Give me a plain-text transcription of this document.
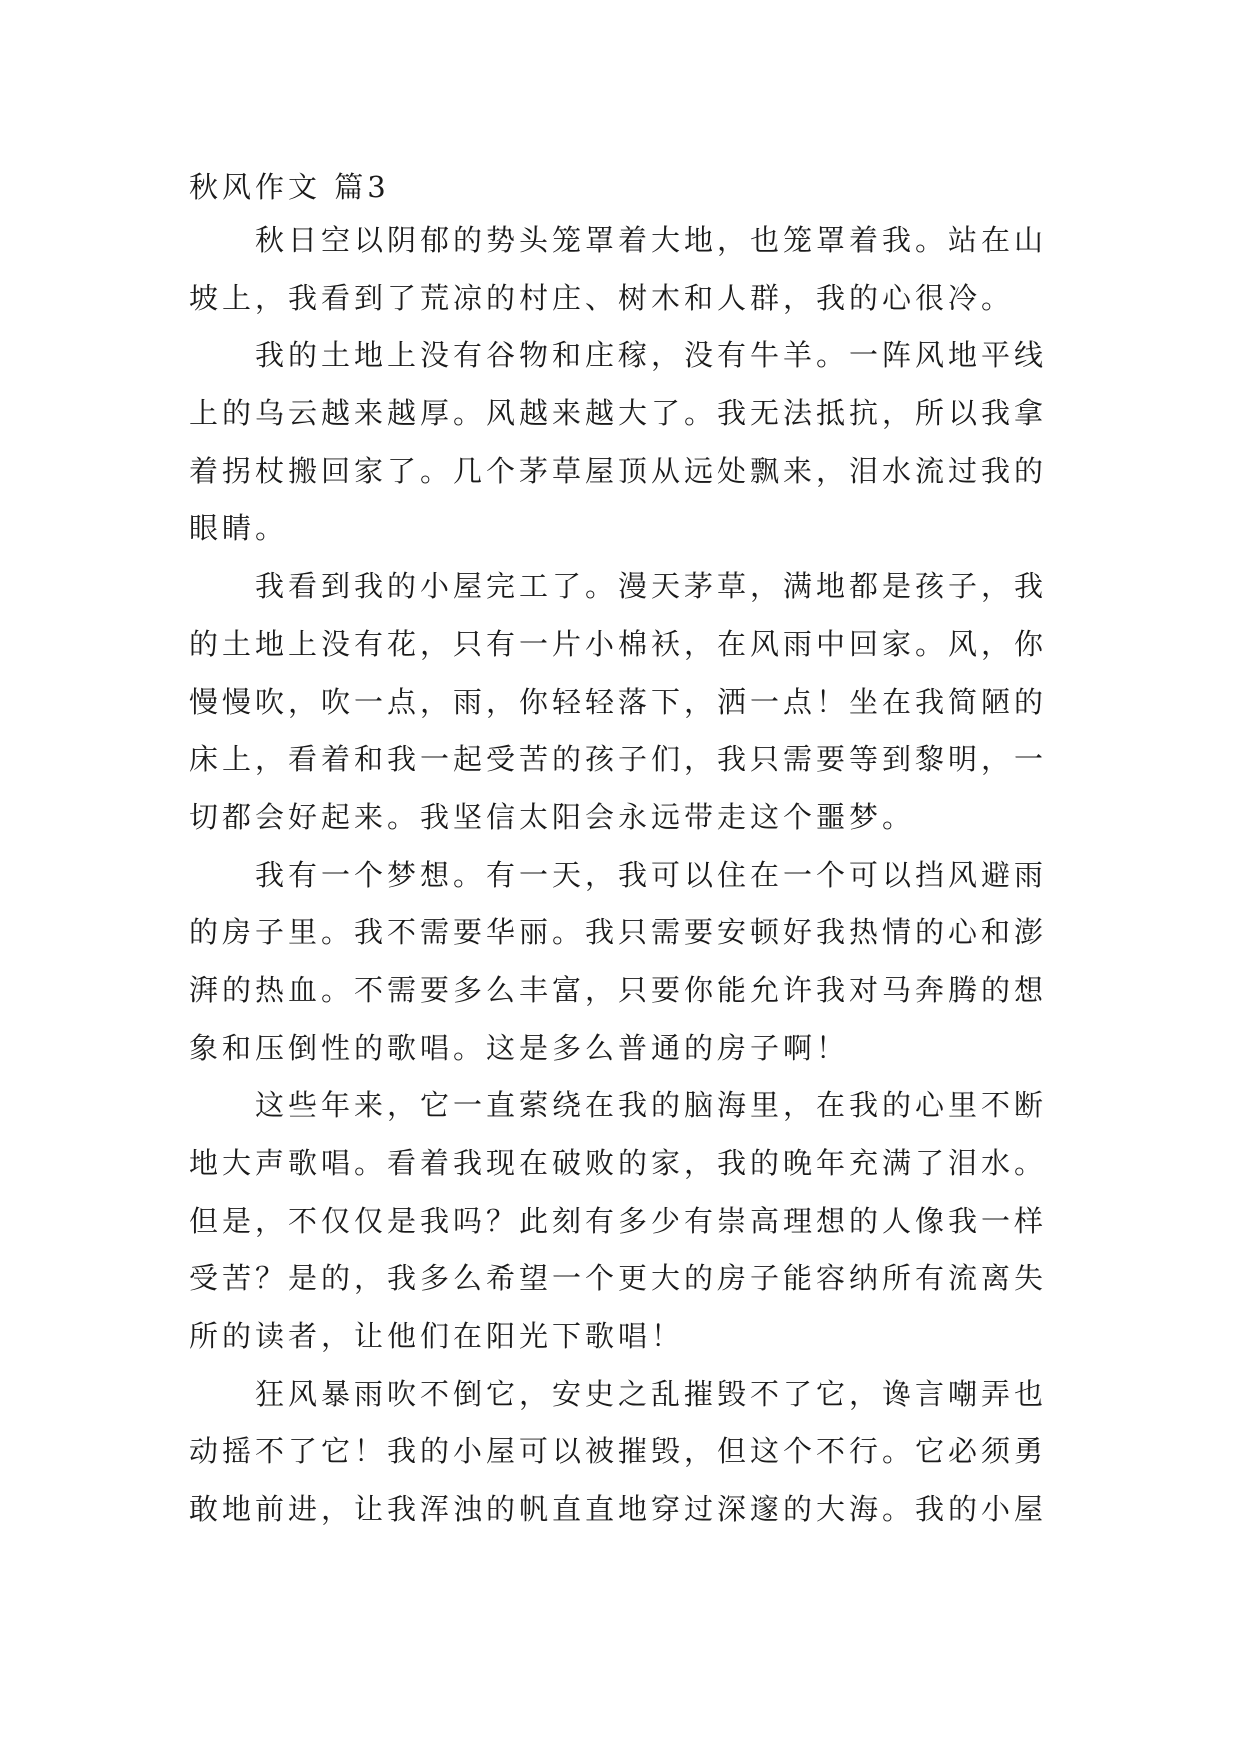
秋风作文 篇3
秋日空以阴郁的势头笼罩着大地，也笼罩着我。站在山
坡上，我看到了荒凉的村庄、树木和人群，我的心很冷。
我的土地上没有谷物和庄稼，没有牛羊。一阵风地平线
上的乌云越来越厚。风越来越大了。我无法抵抗，所以我拿
着拐杖搬回家了。几个茅草屋顶从远处飘来，泪水流过我的
眼睛。
我看到我的小屋完工了。漫天茅草，满地都是孩子，我
的土地上没有花，只有一片小棉袄，在风雨中回家。风，你
慢慢吹，吹一点，雨，你轻轻落下，洒一点！坐在我简陋的
床上，看着和我一起受苦的孩子们，我只需要等到黎明，一
切都会好起来。我坚信太阳会永远带走这个噩梦。
我有一个梦想。有一天，我可以住在一个可以挡风避雨
的房子里。我不需要华丽。我只需要安顿好我热情的心和澎
湃的热血。不需要多么丰富，只要你能允许我对马奔腾的想
象和压倒性的歌唱。这是多么普通的房子啊！
这些年来，它一直萦绕在我的脑海里，在我的心里不断
地大声歌唱。看着我现在破败的家，我的晚年充满了泪水。
但是，不仅仅是我吗？此刻有多少有崇高理想的人像我一样
受苦？是的，我多么希望一个更大的房子能容纳所有流离失
所的读者，让他们在阳光下歌唱！
狂风暴雨吹不倒它，安史之乱摧毁不了它，谗言嘲弄也
动摇不了它！我的小屋可以被摧毁，但这个不行。它必须勇
敢地前进，让我浑浊的帆直直地穿过深邃的大海。我的小屋
